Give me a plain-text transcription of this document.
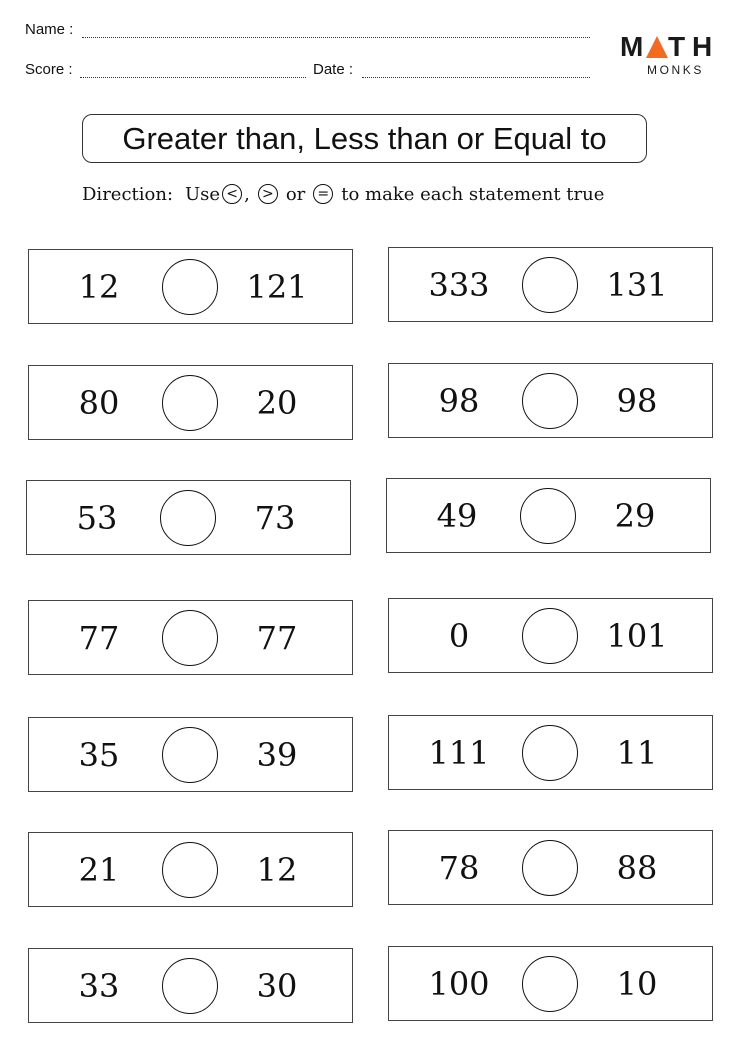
Name :
Score :	Date :
M T H
MONKS
Greater than, Less than or Equal to
Direction: Use < , > or = to make each statement true
12	121
80	20
53	73
77	77
35	39
21	12
33	30
333	131
98	98
49	29
0	101
111	11
78	88
100	10
